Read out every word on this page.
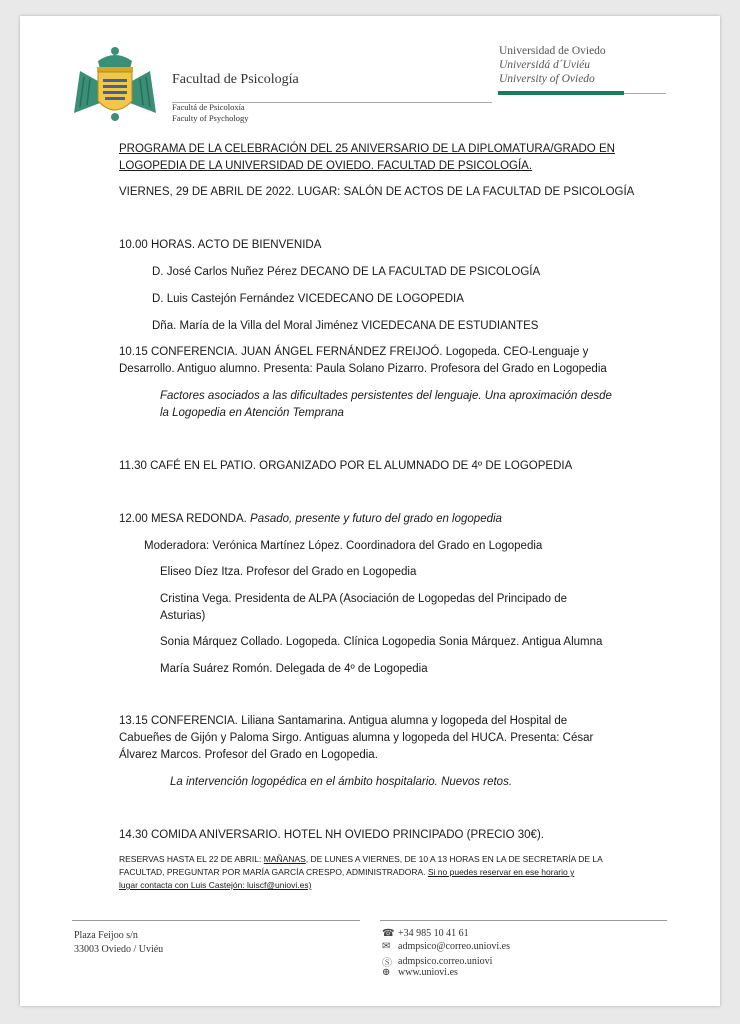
Facultad de Psicología
Facultá de Psicoloxía
Faculty of Psychology
Universidad de Oviedo
Universidá d´Uviéu
University of Oviedo
PROGRAMA DE LA CELEBRACIÓN DEL 25 ANIVERSARIO DE LA DIPLOMATURA/GRADO EN LOGOPEDIA DE LA UNIVERSIDAD DE OVIEDO. FACULTAD DE PSICOLOGÍA.
VIERNES, 29 DE ABRIL DE 2022. LUGAR: SALÓN DE ACTOS DE LA FACULTAD DE PSICOLOGÍA
10.00 HORAS. ACTO DE BIENVENIDA
D. José Carlos Nuñez Pérez DECANO DE LA FACULTAD DE PSICOLOGÍA
D. Luis Castejón Fernández VICEDECANO DE LOGOPEDIA
Dña. María de la Villa del Moral Jiménez VICEDECANA DE ESTUDIANTES
10.15 CONFERENCIA. JUAN ÁNGEL FERNÁNDEZ FREIJOÓ. Logopeda. CEO-Lenguaje y
Desarrollo. Antiguo alumno. Presenta: Paula Solano Pizarro. Profesora del Grado en Logopedia
Factores asociados a las dificultades persistentes del lenguaje. Una aproximación desde
la Logopedia en Atención Temprana
11.30 CAFÉ EN EL PATIO. ORGANIZADO POR EL ALUMNADO DE 4º DE LOGOPEDIA
12.00 MESA REDONDA. Pasado, presente y futuro del grado en logopedia
Moderadora: Verónica Martínez López. Coordinadora del Grado en Logopedia
Eliseo Díez Itza. Profesor del Grado en Logopedia
Cristina Vega. Presidenta de ALPA (Asociación de Logopedas del Principado de
Asturias)
Sonia Márquez Collado. Logopeda. Clínica Logopedia Sonia Márquez. Antigua Alumna
María Suárez Romón. Delegada de 4º de Logopedia
13.15 CONFERENCIA. Liliana Santamarina. Antigua alumna y logopeda del Hospital de
Cabueñes de Gijón y Paloma Sirgo. Antiguas alumna y logopeda del HUCA. Presenta: César
Álvarez Marcos. Profesor del Grado en Logopedia.
La intervención logopédica en el ámbito hospitalario. Nuevos retos.
14.30 COMIDA ANIVERSARIO. HOTEL NH OVIEDO PRINCIPADO (PRECIO 30€).
RESERVAS HASTA EL 22 DE ABRIL: MAÑANAS, DE LUNES A VIERNES, DE 10 A 13 HORAS EN LA DE SECRETARÍA DE LA
FACULTAD, PREGUNTAR POR MARÍA GARCÍA CRESPO, ADMINISTRADORA. Si no puedes reservar en ese horario y
lugar contacta con Luis Castejón: luiscf@uniovi.es)
Plaza Feijoo s/n
33003 Oviedo / Uviéu
☎ +34 985 10 41 61
✉ admpsico@correo.uniovi.es
Ⓢ admpsico.correo.uniovi
⊕ www.uniovi.es
